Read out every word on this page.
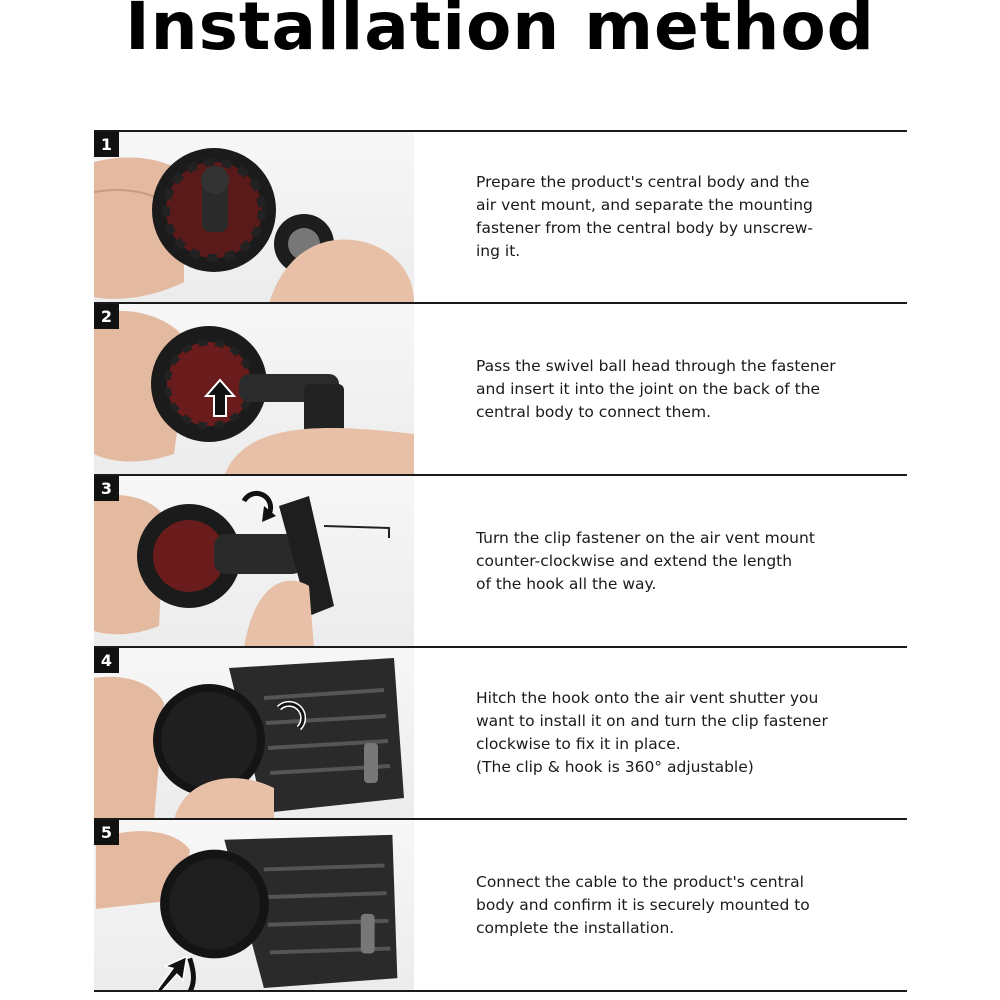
Installation method
1
Prepare the product's central body and the
air vent mount, and separate the mounting
fastener from the central body by unscrew-
ing it.
2
Pass the swivel ball head through the fastener
and insert it into the joint on the back of the
central body to connect them.
3
Turn the clip fastener on the air vent mount
counter-clockwise and extend the length
of the hook all the way.
4
Hitch the hook onto the air vent shutter you
want to install it on and turn the clip fastener
clockwise to fix it in place.
(The clip & hook is 360° adjustable)
5
Connect the cable to the product's central
body and confirm it is securely mounted to
complete the installation.
